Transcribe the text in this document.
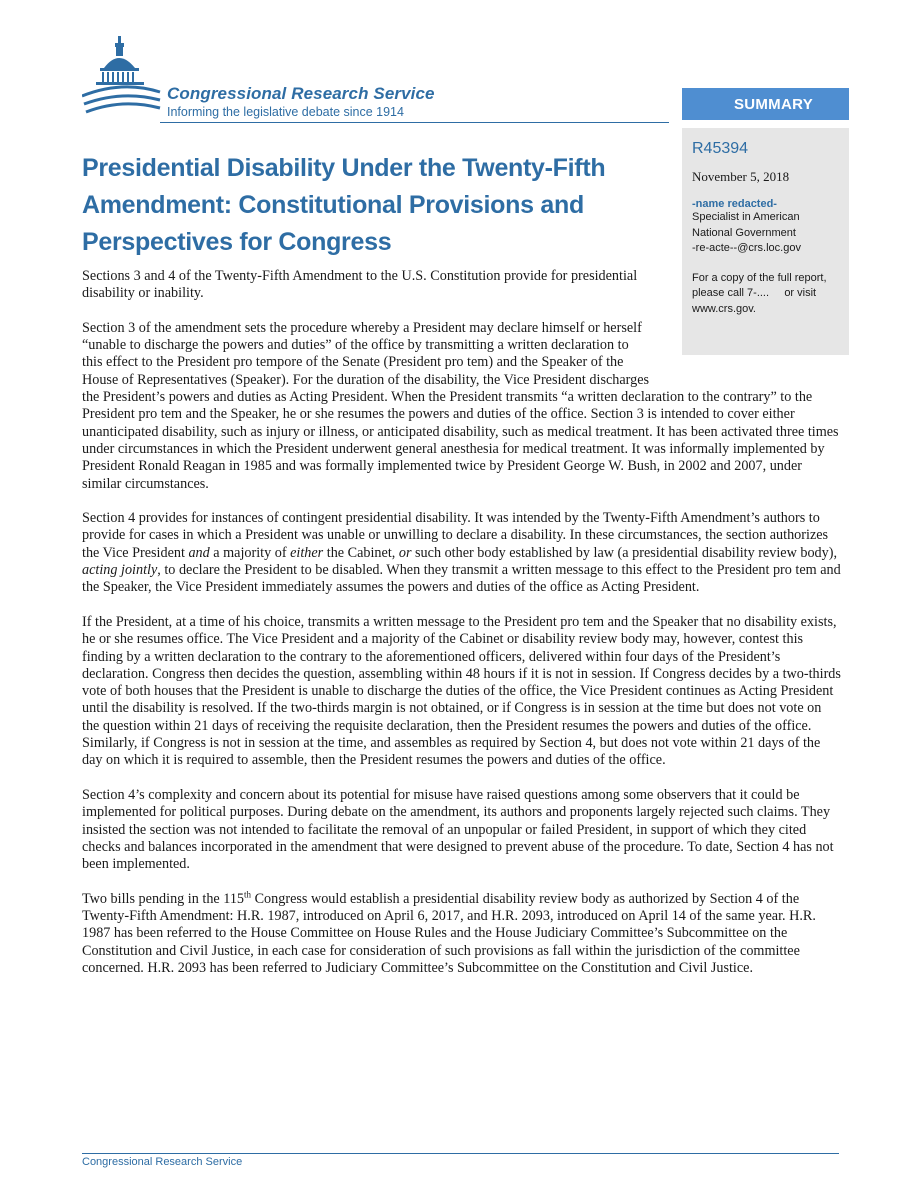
Congressional Research Service
Informing the legislative debate since 1914	SUMMARY
R45394
November 5, 2018
-name redacted-
Specialist in American
National Government
-re-acte--@crs.loc.gov
For a copy of the full report,
please call 7-....     or visit
www.crs.gov.
Presidential Disability Under the Twenty-Fifth
Amendment: Constitutional Provisions and
Perspectives for Congress

Sections 3 and 4 of the Twenty-Fifth Amendment to the U.S. Constitution provide for presidential disability or inability.

Section 3 of the amendment sets the procedure whereby a President may declare himself or herself “unable to discharge the powers and duties” of the office by transmitting a written declaration to this effect to the President pro tempore of the Senate (President pro tem) and the Speaker of the House of Representatives (Speaker). For the duration of the disability, the Vice President discharges the President’s powers and duties as Acting President. When the President transmits “a written declaration to the contrary” to the President pro tem and the Speaker, he or she resumes the powers and duties of the office. Section 3 is intended to cover either unanticipated disability, such as injury or illness, or anticipated disability, such as medical treatment. It has been activated three times under circumstances in which the President underwent general anesthesia for medical treatment. It was informally implemented by President Ronald Reagan in 1985 and was formally implemented twice by President George W. Bush, in 2002 and 2007, under similar circumstances.

Section 4 provides for instances of contingent presidential disability. It was intended by the Twenty-Fifth Amendment’s authors to provide for cases in which a President was unable or unwilling to declare a disability. In these circumstances, the section authorizes the Vice President and a majority of either the Cabinet, or such other body established by law (a presidential disability review body), acting jointly, to declare the President to be disabled. When they transmit a written message to this effect to the President pro tem and the Speaker, the Vice President immediately assumes the powers and duties of the office as Acting President.

If the President, at a time of his choice, transmits a written message to the President pro tem and the Speaker that no disability exists, he or she resumes office. The Vice President and a majority of the Cabinet or disability review body may, however, contest this finding by a written declaration to the contrary to the aforementioned officers, delivered within four days of the President’s declaration. Congress then decides the question, assembling within 48 hours if it is not in session. If Congress decides by a two-thirds vote of both houses that the President is unable to discharge the duties of the office, the Vice President continues as Acting President until the disability is resolved. If the two-thirds margin is not obtained, or if Congress is in session at the time but does not vote on the question within 21 days of receiving the requisite declaration, then the President resumes the powers and duties of the office. Similarly, if Congress is not in session at the time, and assembles as required by Section 4, but does not vote within 21 days of the day on which it is required to assemble, then the President resumes the powers and duties of the office.

Section 4’s complexity and concern about its potential for misuse have raised questions among some observers that it could be implemented for political purposes. During debate on the amendment, its authors and proponents largely rejected such claims. They insisted the section was not intended to facilitate the removal of an unpopular or failed President, in support of which they cited checks and balances incorporated in the amendment that were designed to prevent abuse of the procedure. To date, Section 4 has not been implemented.

Two bills pending in the 115th Congress would establish a presidential disability review body as authorized by Section 4 of the Twenty-Fifth Amendment: H.R. 1987, introduced on April 6, 2017, and H.R. 2093, introduced on April 14 of the same year. H.R. 1987 has been referred to the House Committee on House Rules and the House Judiciary Committee’s Subcommittee on the Constitution and Civil Justice, in each case for consideration of such provisions as fall within the jurisdiction of the committee concerned. H.R. 2093 has been referred to Judiciary Committee’s Subcommittee on the Constitution and Civil Justice.

Congressional Research Service
